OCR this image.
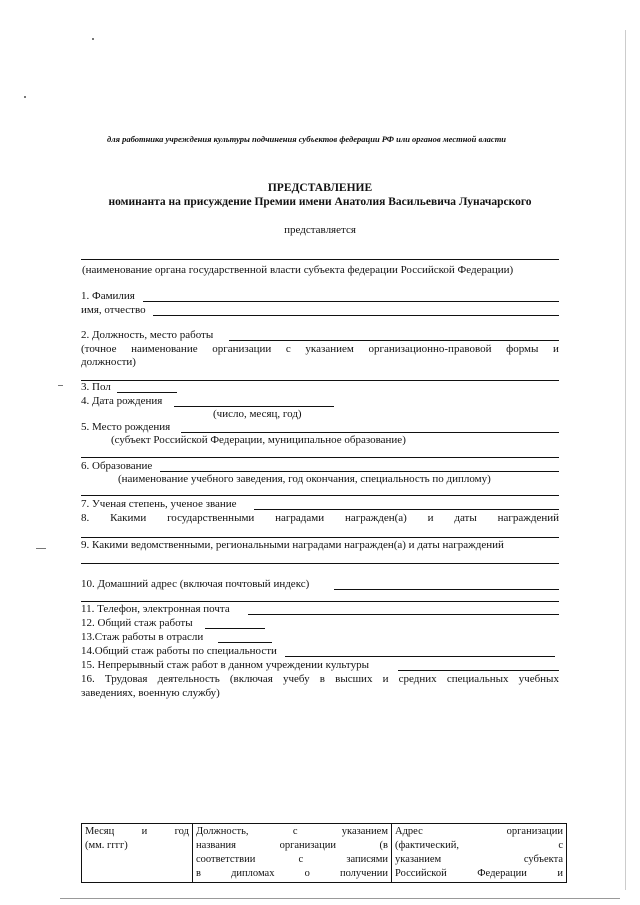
для работника учреждения культуры подчинения субъектов федерации РФ или органов местной власти
ПРЕДСТАВЛЕНИЕ
номинанта на присуждение Премии имени Анатолия Васильевича Луначарского
представляется
(наименование органа государственной власти субъекта федерации Российской Федерации)
1. Фамилия
имя, отчество
2. Должность, место работы
(точное наименование организации с указанием организационно-правовой формы и
должности)
3. Пол
4. Дата рождения
(число, месяц, год)
5. Место рождения
(субъект Российской Федерации, муниципальное образование)
6. Образование
(наименование учебного заведения, год окончания, специальность по диплому)
7. Ученая степень, ученое звание
8. Какими государственными наградами награжден(а) и даты награждений
9. Какими ведомственными, региональными наградами награжден(а) и даты награждений
10. Домашний адрес (включая почтовый индекс)
11. Телефон, электронная почта
12. Общий стаж работы
13.Стаж работы в отрасли
14.Общий стаж работы по специальности
15. Непрерывный стаж работ в данном учреждении культуры
16. Трудовая деятельность (включая учебу в высших и средних специальных учебных
заведениях, военную службу)
Месяц	и	год
(мм. гггг)

Должность,	с	указанием
названия	организации	(в
соответствии	с	записями
в	дипломах	о	получении

Адрес	организации
(фактический,	с
указанием	субъекта
Российской	Федерации	и
